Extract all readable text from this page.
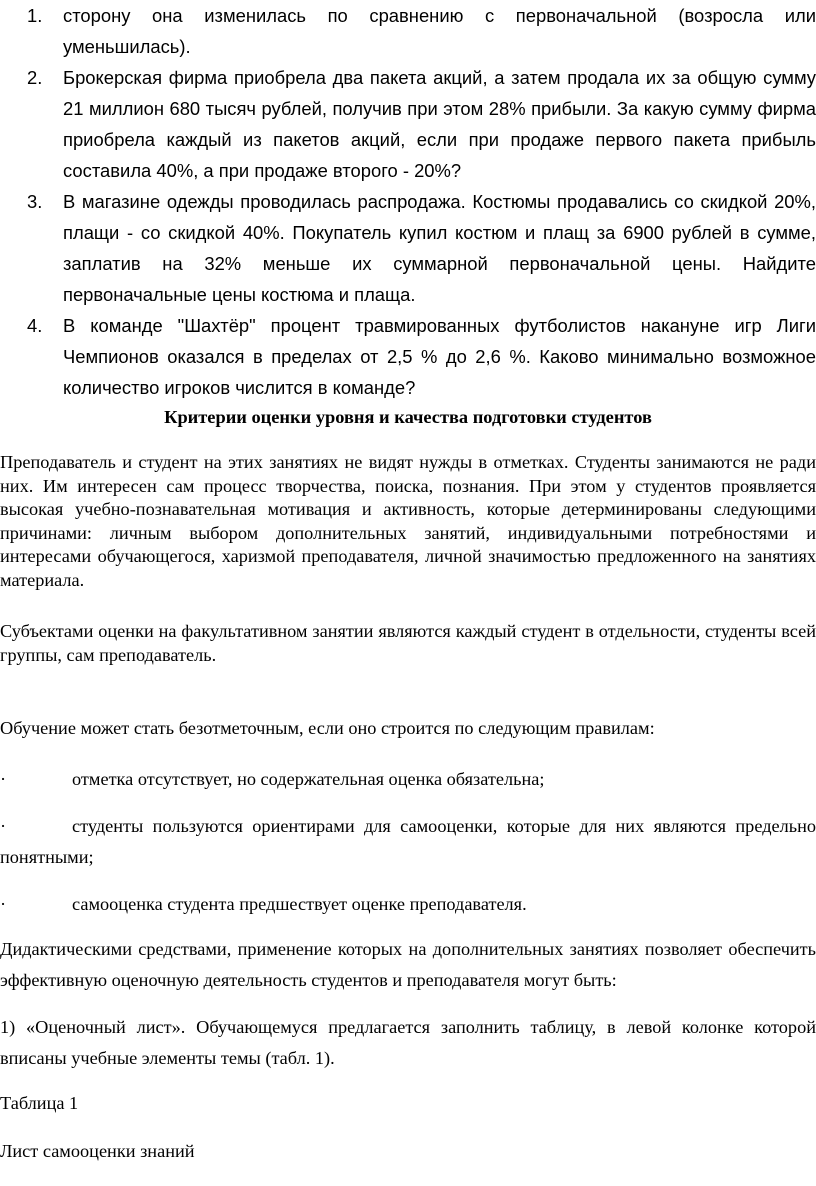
1.	сторону она изменилась по сравнению с первоначальной (возросла или уменьшилась).
2.	Брокерская фирма приобрела два пакета акций, а затем продала их за общую сумму 21 миллион 680 тысяч рублей, получив при этом 28% прибыли. За какую сумму фирма приобрела каждый из пакетов акций, если при продаже первого пакета прибыль составила 40%, а при продаже второго - 20%?
3.	В магазине одежды проводилась распродажа. Костюмы продавались со скидкой 20%, плащи - со скидкой 40%. Покупатель купил костюм и плащ за 6900 рублей в сумме, заплатив на 32% меньше их суммарной первоначальной цены. Найдите первоначальные цены костюма и плаща.
4.	В команде "Шахтёр" процент травмированных футболистов накануне игр Лиги Чемпионов оказался в пределах от 2,5 % до 2,6 %. Каково минимально возможное количество игроков числится в команде?
Критерии оценки уровня и качества подготовки студентов

Преподаватель и студент на этих занятиях не видят нужды в отметках. Студенты занимаются не ради них. Им интересен сам процесс творчества, поиска, познания. При этом у студентов проявляется высокая учебно-познавательная мотивация и активность, которые детерминированы следующими причинами: личным выбором дополнительных занятий, индивидуальными потребностями и интересами обучающегося, харизмой преподавателя, личной значимостью предложенного на занятиях материала.

Субъектами оценки на факультативном занятии являются каждый студент в отдельности, студенты всей группы, сам преподаватель.

Обучение может стать безотметочным, если оно строится по следующим правилам:

·	отметка отсутствует, но содержательная оценка обязательна;

·	студенты пользуются ориентирами для самооценки, которые для них являются предельно понятными;

·	самооценка студента предшествует оценке преподавателя.

Дидактическими средствами, применение которых на дополнительных занятиях позволяет обеспечить эффективную оценочную деятельность студентов и преподавателя могут быть:

1) «Оценочный лист». Обучающемуся предлагается заполнить таблицу, в левой колонке которой вписаны учебные элементы темы (табл. 1).

Таблица 1

Лист самооценки знаний
